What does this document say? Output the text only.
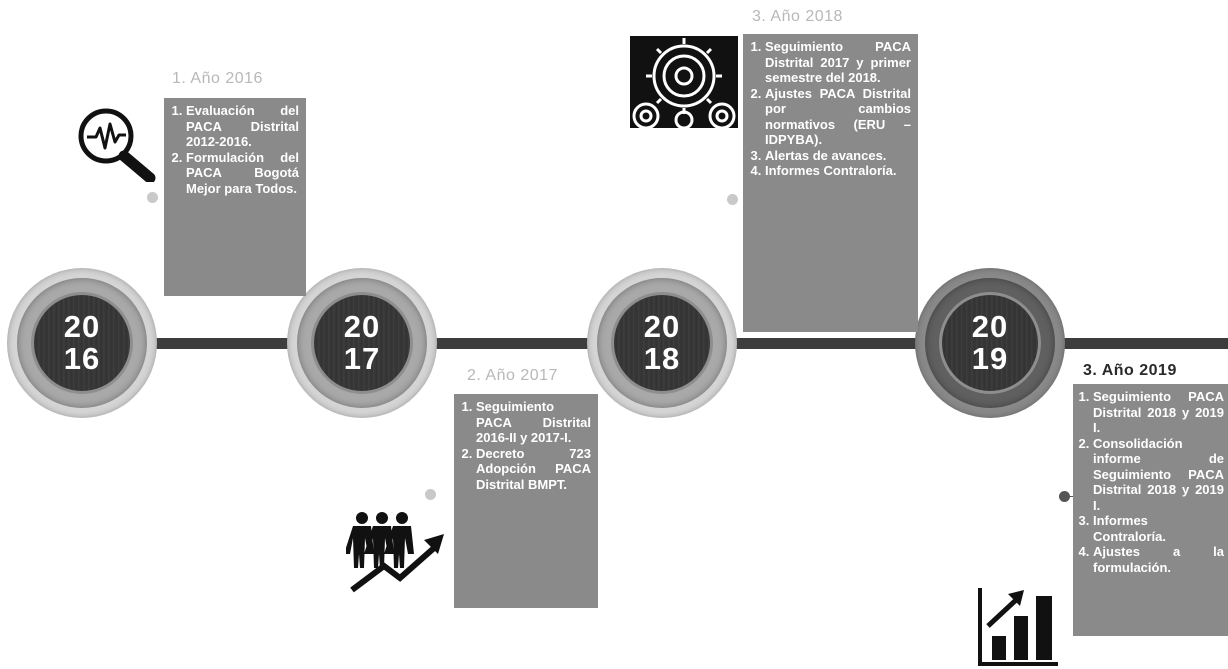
20
16
20
17
20
18
20
19
1. Año 2016
2. Año 2017
3. Año 2018
3. Año 2019
1. Evaluación del PACA Distrital 2012-2016.
2. Formulación del PACA Bogotá Mejor para Todos.
1. Seguimiento PACA Distrital 2016-II y 2017-I.
2. Decreto 723 Adopción PACA Distrital BMPT.
1. Seguimiento PACA Distrital 2017 y primer semestre del 2018.
2. Ajustes PACA Distrital por cambios normativos (ERU – IDPYBA).
3. Alertas de avances.
4. Informes Contraloría.
1. Seguimiento PACA Distrital 2018 y 2019 I.
2. Consolidación informe de Seguimiento PACA Distrital 2018 y 2019 I.
3. Informes Contraloría.
4. Ajustes a la formulación.
